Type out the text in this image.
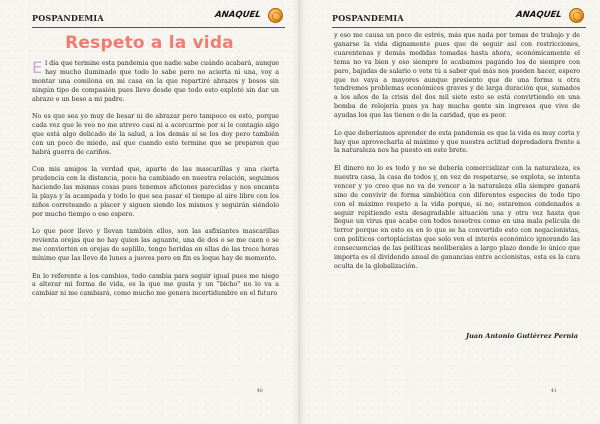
POSPANDEMIA	ANAQUEL
Respeto a la vida

El día que termine esta pandemia que nadie sabe cuándo acabará, aunque hay mucho iluminado que todo lo sabe pero no acierta ni una, voy a montar una comilona en mi casa en la que repartiré abrazos y besos sin ningún tipo de compasión pues llevo desde que todo esto explotó sin dar un abrazo o un beso a mi padre.

No es que sea yo muy de besar ni de abrazar pero tampoco es esto, porque cada vez que le veo no me atrevo casi ni a acercarme por si le contagio algo que está algo delicado de la salud, a los demás sí se los doy pero también con un poco de miedo, así que cuando esto termine que se preparen que habrá guerra de cariños.

Con mis amigos la verdad que, aparte de las mascarillas y una cierta prudencia con la distancia, poco ha cambiado en nuestra relación, seguimos haciendo las mismas cosas pues tenemos aficiones parecidas y nos encanta la playa y la acampada y todo lo que sea pasar el tiempo al aire libre con los niños correteando a placer y siguen siendo los mismos y seguirán siéndolo por mucho tiempo o eso espero.

Lo que peor llevo y llevan también ellos, son las asfixiantes mascarillas revienta orejas que no hay quien las aguante, una de dos o se me caen o se me convierten en orejas de soplillo, tengo heridas en ellas de las trece horas mínimo que las llevo de lunes a jueves pero en fin es loque hay de momento.

En lo referente a los cambios, todo cambia para seguir igual pues me niego a alterar mi forma de vida, es la que me gusta y un "bicho" no lo va a cambiar ni me cambiará, como mucho me genera incertidumbre en el futuro

40
POSPANDEMIA	ANAQUEL

y eso me causa un poco de estrés, más que nada por temas de trabajo y de ganarse la vida dignamente pues que de seguir así con restricciones, cuarentenas y demás medidas tomadas hasta ahora, económicamente el tema no va bien y eso siempre lo acabamos pagando los de siempre con paro, bajadas de salario o vete tú a saber qué más nos pueden hacer, espero que no vaya a mayores aunque presiento que de una forma u otra tendremos problemas económicos graves y de larga duración que, sumados a los años de la crisis del dos mil siete esto se está convirtiendo en una bomba de relojería pues ya hay mucha gente sin ingresos que vive de ayudas los que las tienen o de la caridad, que es peor.

Lo que deberíamos aprender de esta pandemia es que la vida es muy corta y hay que aprovecharla al máximo y que nuestra actitud depredadora frente a la naturaleza nos ha puesto en este brete.

El dinero no lo es todo y no se debería comercializar con la naturaleza, es nuestra casa, la casa de todos y, en vez de respetarse, se explota, se intenta vencer y yo creo que no va de vencer a la naturaleza ella siempre ganará sino de convivir de forma simbiótica con diferentes especies de todo tipo con el máximo respeto a la vida porque, si no, estaremos condenados a seguir repitiendo esta desagradable situación una y otra vez hasta que llegue un virus que acabe con todos nosotros como en una mala película de terror porque en esto es en lo que se ha convertido esto con negacionistas, con políticos cortoplacistas que solo ven el interés económico ignorando las consecuencias de las políticas neoliberales a largo plazo donde lo único que importa es el dividendo anual de ganancias entre accionistas, esta es la cara oculta de la globalización.

Juan Antonio Gutiérrez Pernia
41
